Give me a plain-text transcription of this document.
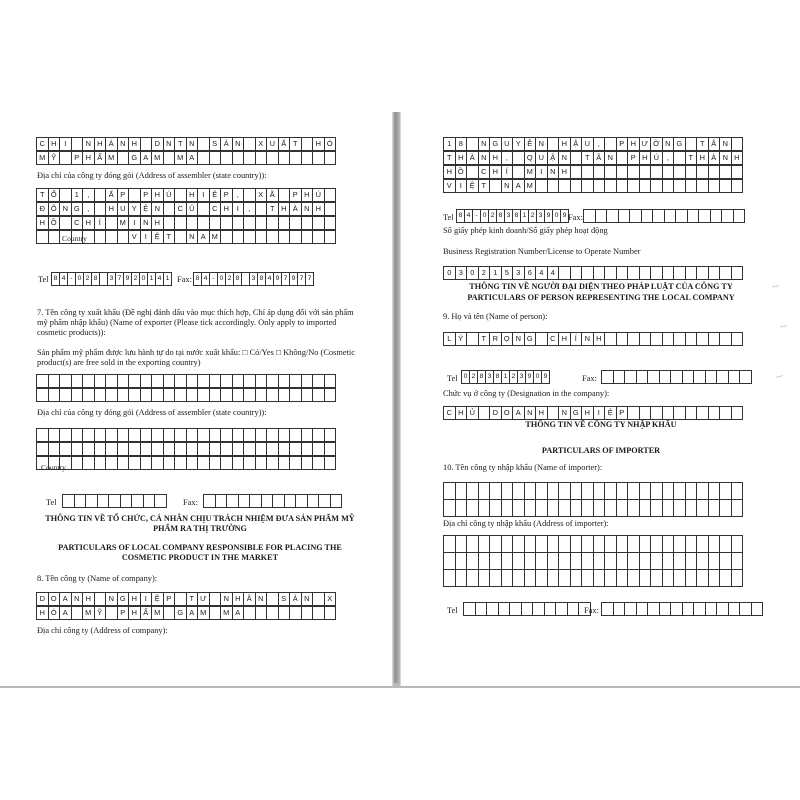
C H	I	N H Á N H	D N T N	S Ả N	X U Ấ T	H Ó
M Ỹ	P H Ẩ M	G A M	M A
Địa chỉ của công ty đóng gói (Address of assembler (state country)):
T Ổ	1	,	Ấ P	P H Ú	H	I	Ệ P	,	X Ã	P H Ú
Đ Ô N G	,	H U Y Ệ N	C Ủ	C H	I	,	T H À N H
H Ồ	C H	Í	M I	N H
V	I	Ệ T	N A M
Country
Tel 8 4 - 0 2 8	3 7 9 2 0 1 4 1 Fax: 8 4 - 0 2 8	3 8 4 9 7 9 7 7
7. Tên công ty xuất khẩu (Đề nghị đánh dấu vào mục thích hợp, Chỉ áp dụng đối với sản phẩm mỹ phẩm nhập khẩu) (Name of exporter (Please tick accordingly. Only apply to imported cosmetic products)):
Sản phẩm mỹ phẩm được lưu hành tự do tại nước xuất khẩu: □ Có/Yes □ Không/No (Cosmetic product(s) are free sold in the exporting country)
Địa chỉ của công ty đóng gói (Address of assembler (state country)):
Country
Tel	Fax:
THÔNG TIN VỀ TỔ CHỨC, CÁ NHÂN CHỊU TRÁCH NHIỆM ĐƯA SẢN PHẨM MỸ PHẨM RA THỊ TRƯỜNG
PARTICULARS OF LOCAL COMPANY RESPONSIBLE FOR PLACING THE COSMETIC PRODUCT IN THE MARKET
8. Tên công ty (Name of company):
D O A N H	N G H	I	Ệ P	T Ư	N H Â N	S Ả N	X
H Ó A	M Ỹ	P H Ẩ M	G A M	M A
Địa chỉ công ty (Address of company):
1 8	N G U Y Ễ N	H Ậ U	,	P H Ư Ờ N G	T Â N
T H À N H	,	Q U Ậ N	T Â N	P H Ú	,	T H À N H
H Ồ	C H	Í	M I	N H
V	I	Ệ T	N A M
Tel 8 4 - 0 2 8 3 8 1 2 3 9 0 9 Fax:
Số giấy phép kinh doanh/Số giấy phép hoạt động
Business Registration Number/License to Operate Number
0 3 0 2 1 5 3 6 4 4
THÔNG TIN VỀ NGƯỜI ĐẠI DIỆN THEO PHÁP LUẬT CỦA CÔNG TY
PARTICULARS OF PERSON REPRESENTING THE LOCAL COMPANY
9. Họ và tên (Name of person):
L Ý	T R Ọ N G	C H	Í	N H
Tel 0 2 8 3 8 1 2 3 9 0 9	Fax:
Chức vụ ở công ty (Designation in the company):
C H Ủ	D O A N H	N G H	I	Ệ P
THÔNG TIN VỀ CÔNG TY NHẬP KHẨU
PARTICULARS OF IMPORTER
10. Tên công ty nhập khẩu (Name of importer):
Địa chỉ công ty nhập khẩu (Address of importer):
Tel	Fax:
⌇
⌇
⌇
